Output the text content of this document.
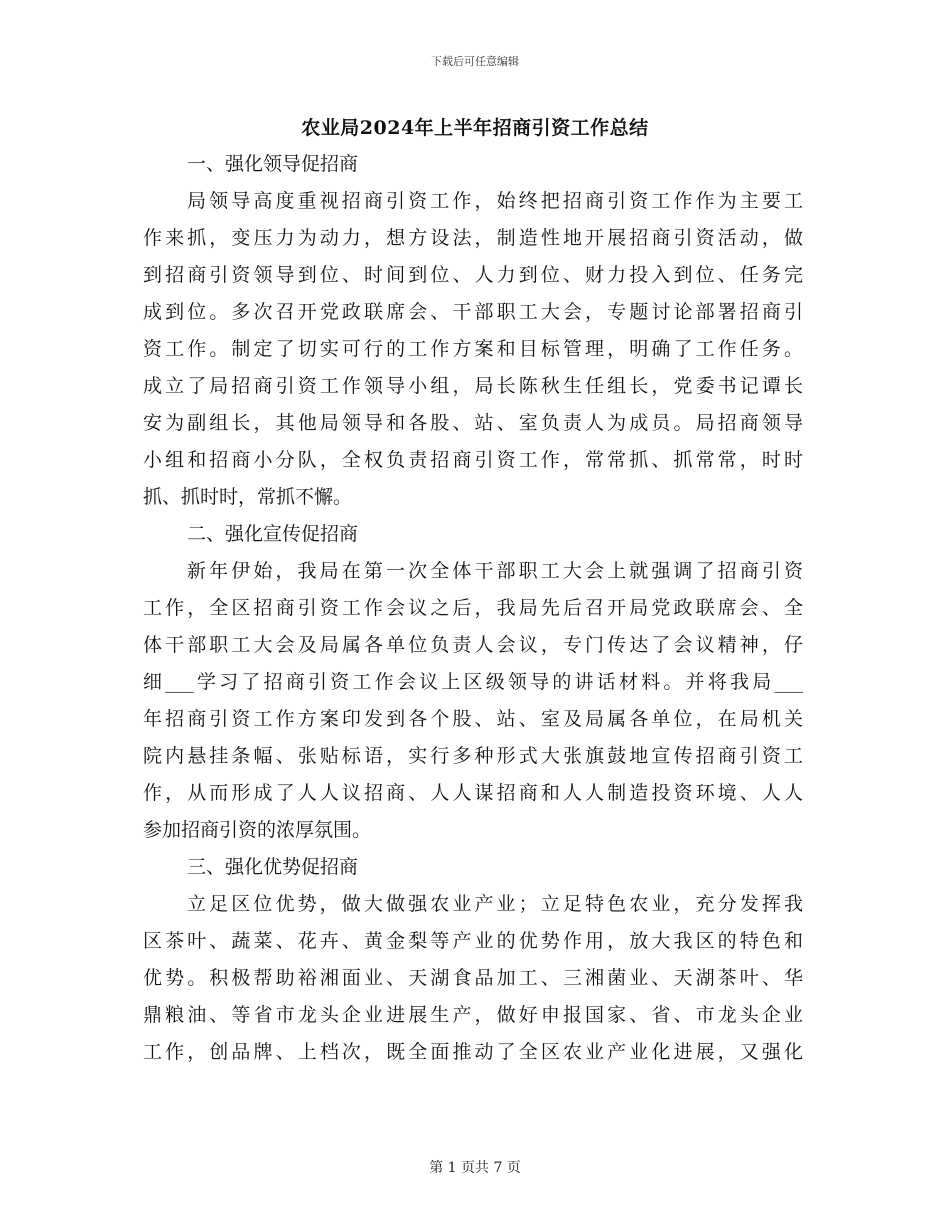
下载后可任意编辑
农业局2024年上半年招商引资工作总结
一、强化领导促招商
局领导高度重视招商引资工作，始终把招商引资工作作为主要工
作来抓，变压力为动力，想方设法，制造性地开展招商引资活动，做
到招商引资领导到位、时间到位、人力到位、财力投入到位、任务完
成到位。多次召开党政联席会、干部职工大会，专题讨论部署招商引
资工作。制定了切实可行的工作方案和目标管理，明确了工作任务。
成立了局招商引资工作领导小组，局长陈秋生任组长，党委书记谭长
安为副组长，其他局领导和各股、站、室负责人为成员。局招商领导
小组和招商小分队，全权负责招商引资工作，常常抓、抓常常，时时
抓、抓时时，常抓不懈。
二、强化宣传促招商
新年伊始，我局在第一次全体干部职工大会上就强调了招商引资
工作，全区招商引资工作会议之后，我局先后召开局党政联席会、全
体干部职工大会及局属各单位负责人会议，专门传达了会议精神，仔
细___学习了招商引资工作会议上区级领导的讲话材料。并将我局___
年招商引资工作方案印发到各个股、站、室及局属各单位，在局机关
院内悬挂条幅、张贴标语，实行多种形式大张旗鼓地宣传招商引资工
作，从而形成了人人议招商、人人谋招商和人人制造投资环境、人人
参加招商引资的浓厚氛围。
三、强化优势促招商
立足区位优势，做大做强农业产业；立足特色农业，充分发挥我
区茶叶、蔬菜、花卉、黄金梨等产业的优势作用，放大我区的特色和
优势。积极帮助裕湘面业、天湖食品加工、三湘菌业、天湖茶叶、华
鼎粮油、等省市龙头企业进展生产，做好申报国家、省、市龙头企业
工作，创品牌、上档次，既全面推动了全区农业产业化进展，又强化
第 1 页共 7 页
